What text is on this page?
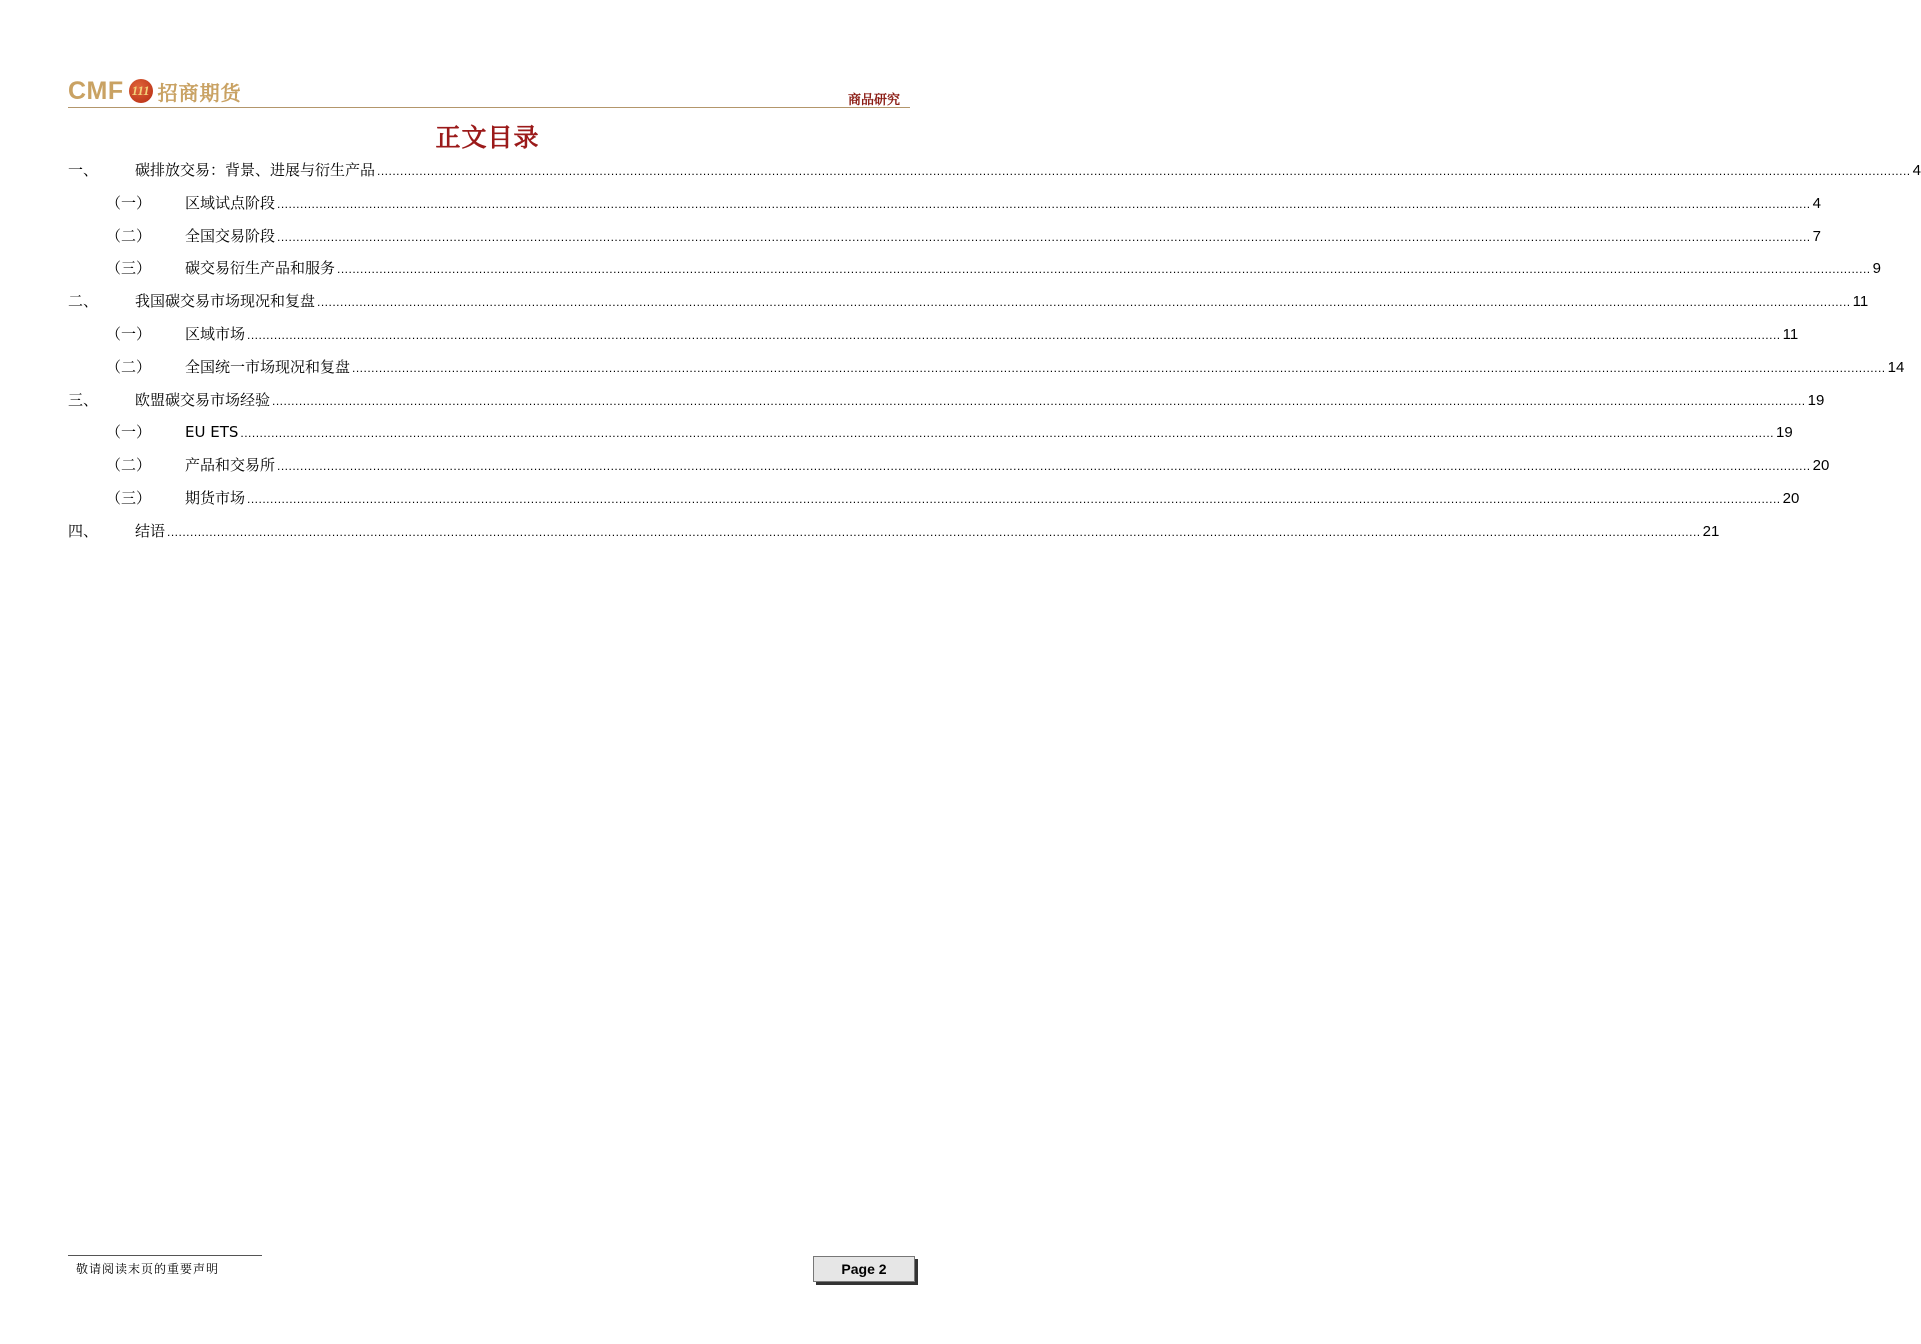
CMF 111 招商期货	商品研究
正文目录
一、 碳排放交易：背景、进展与衍生产品 ................................................................................................................................................................................................................................................................................................................................................................................................................ 4
（一） 区域试点阶段 ................................................................................................................................................................................................................................................................................................................................................................................................................ 4
（二） 全国交易阶段 ................................................................................................................................................................................................................................................................................................................................................................................................................ 7
（三） 碳交易衍生产品和服务 ................................................................................................................................................................................................................................................................................................................................................................................................................ 9
二、 我国碳交易市场现况和复盘 ................................................................................................................................................................................................................................................................................................................................................................................................................ 11
（一） 区域市场 ................................................................................................................................................................................................................................................................................................................................................................................................................ 11
（二） 全国统一市场现况和复盘 ................................................................................................................................................................................................................................................................................................................................................................................................................ 14
三、 欧盟碳交易市场经验 ................................................................................................................................................................................................................................................................................................................................................................................................................ 19
（一） EU ETS ................................................................................................................................................................................................................................................................................................................................................................................................................ 19
（二） 产品和交易所 ................................................................................................................................................................................................................................................................................................................................................................................................................ 20
（三） 期货市场 ................................................................................................................................................................................................................................................................................................................................................................................................................ 20
四、 结语 ................................................................................................................................................................................................................................................................................................................................................................................................................ 21
敬请阅读末页的重要声明	Page 2
